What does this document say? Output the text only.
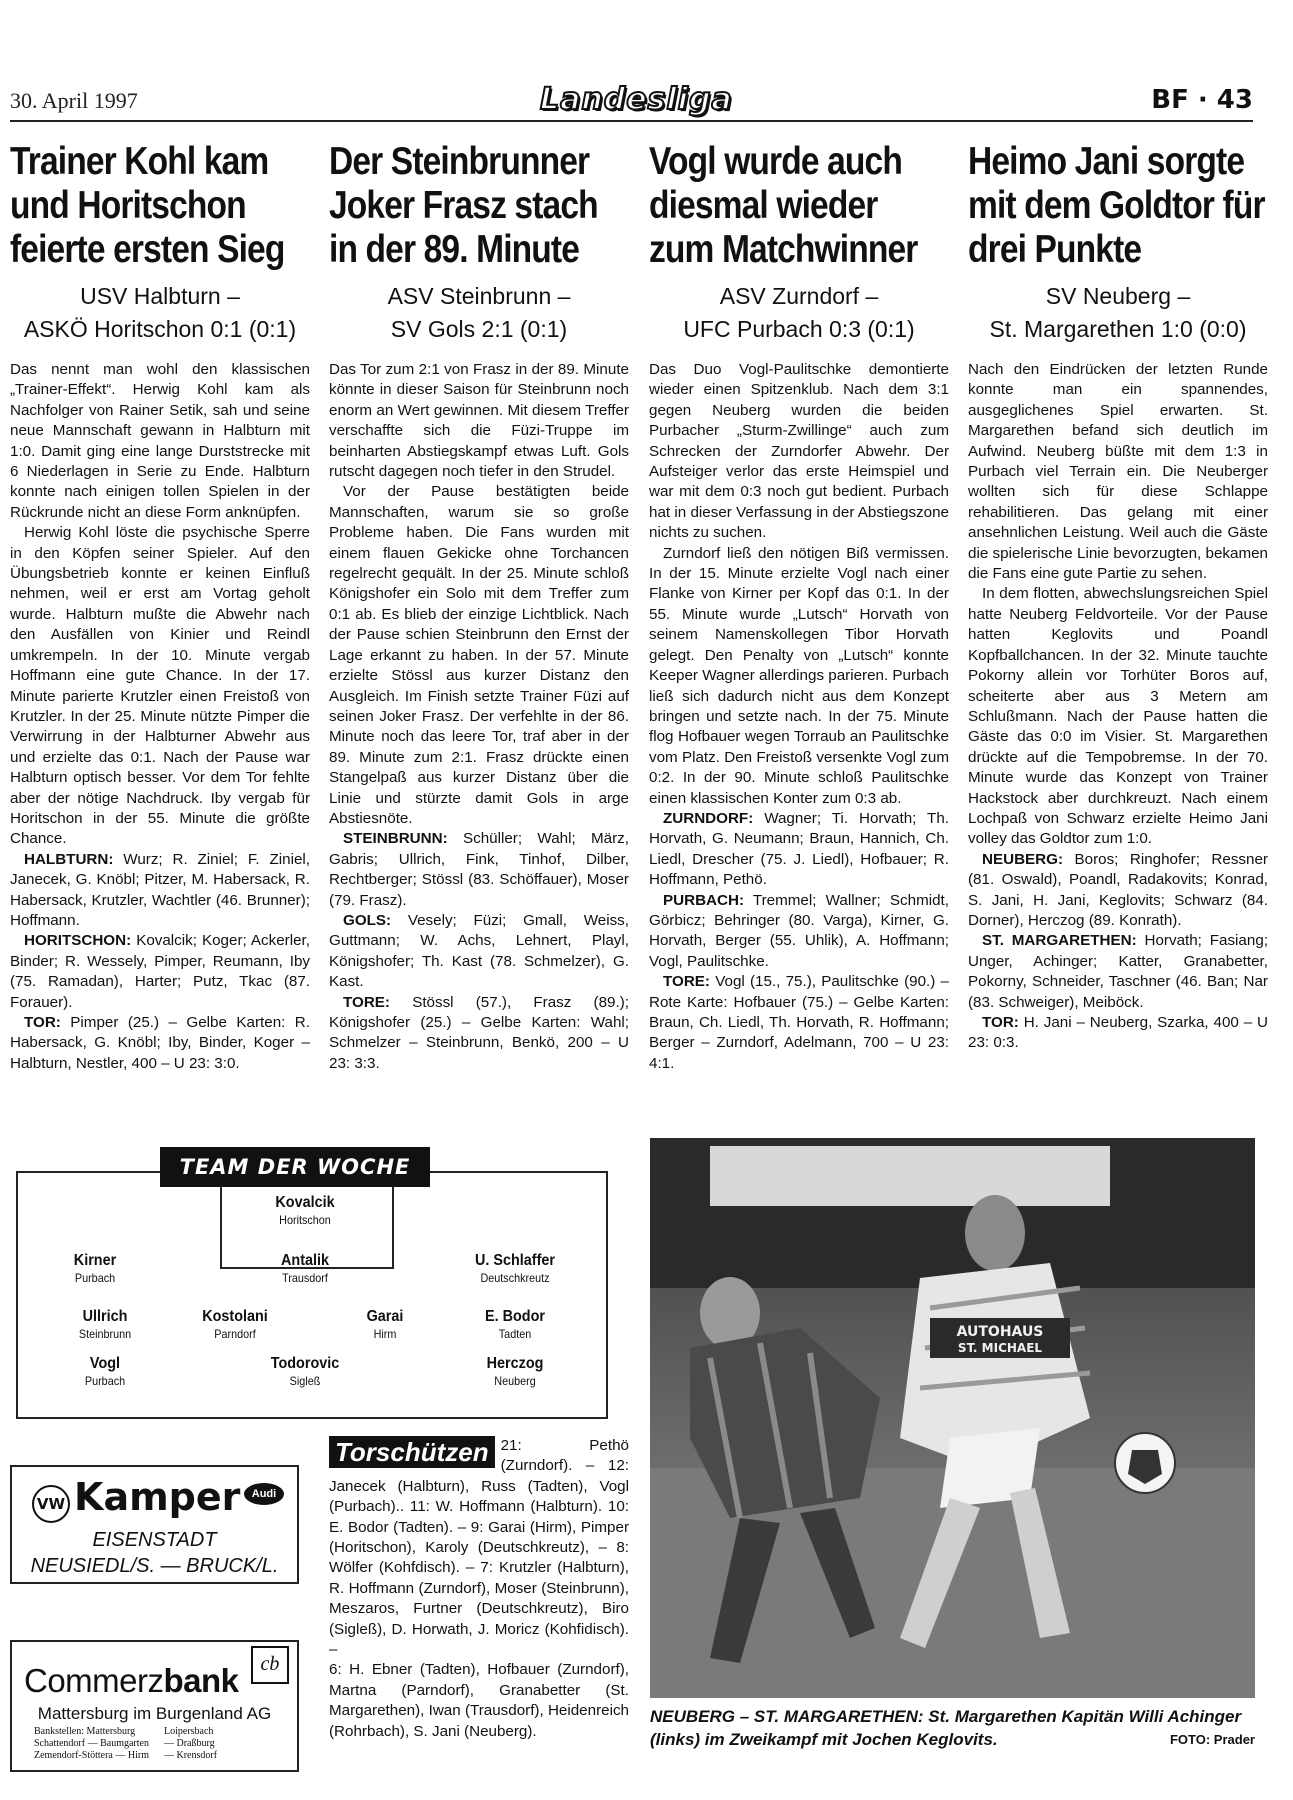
30. April 1997	Landesliga	BF · 43
Trainer Kohl kam und Horitschon feierte ersten Sieg
USV Halbturn –
ASKÖ Horitschon 0:1 (0:1)

Das nennt man wohl den klassischen „Trainer-Effekt“. Herwig Kohl kam als Nachfolger von Rainer Setik, sah und seine neue Mannschaft gewann in Halbturn mit 1:0. Damit ging eine lange Durststrecke mit 6 Niederlagen in Serie zu Ende. Halbturn konnte nach einigen tollen Spielen in der Rückrunde nicht an diese Form anknüpfen.

Herwig Kohl löste die psychische Sperre in den Köpfen seiner Spieler. Auf den Übungsbetrieb konnte er keinen Einfluß nehmen, weil er erst am Vortag geholt wurde. Halbturn mußte die Abwehr nach den Ausfällen von Kinier und Reindl umkrempeln. In der 10. Minute vergab Hoffmann eine gute Chance. In der 17. Minute parierte Krutzler einen Freistoß von Krutzler. In der 25. Minute nützte Pimper die Verwirrung in der Halbturner Abwehr aus und erzielte das 0:1. Nach der Pause war Halbturn optisch besser. Vor dem Tor fehlte aber der nötige Nachdruck. Iby vergab für Horitschon in der 55. Minute die größte Chance.

HALBTURN: Wurz; R. Ziniel; F. Ziniel, Janecek, G. Knöbl; Pitzer, M. Habersack, R. Habersack, Krutzler, Wachtler (46. Brunner); Hoffmann.

HORITSCHON: Kovalcik; Koger; Ackerler, Binder; R. Wessely, Pimper, Reumann, Iby (75. Ramadan), Harter; Putz, Tkac (87. Forauer).

TOR: Pimper (25.) – Gelbe Karten: R. Habersack, G. Knöbl; Iby, Binder, Koger – Halbturn, Nestler, 400 – U 23: 3:0.

Der Steinbrunner Joker Frasz stach in der 89. Minute
ASV Steinbrunn –
SV Gols 2:1 (0:1)

Das Tor zum 2:1 von Frasz in der 89. Minute könnte in dieser Saison für Steinbrunn noch enorm an Wert gewinnen. Mit diesem Treffer verschaffte sich die Füzi-Truppe im beinharten Abstiegskampf etwas Luft. Gols rutscht dagegen noch tiefer in den Strudel.

Vor der Pause bestätigten beide Mannschaften, warum sie so große Probleme haben. Die Fans wurden mit einem flauen Gekicke ohne Torchancen regelrecht gequält. In der 25. Minute schloß Königshofer ein Solo mit dem Treffer zum 0:1 ab. Es blieb der einzige Lichtblick. Nach der Pause schien Steinbrunn den Ernst der Lage erkannt zu haben. In der 57. Minute erzielte Stössl aus kurzer Distanz den Ausgleich. Im Finish setzte Trainer Füzi auf seinen Joker Frasz. Der verfehlte in der 86. Minute noch das leere Tor, traf aber in der 89. Minute zum 2:1. Frasz drückte einen Stangelpaß aus kurzer Distanz über die Linie und stürzte damit Gols in arge Abstiesnöte.

STEINBRUNN: Schüller; Wahl; März, Gabris; Ullrich, Fink, Tinhof, Dilber, Rechtberger; Stössl (83. Schöffauer), Moser (79. Frasz).

GOLS: Vesely; Füzi; Gmall, Weiss, Guttmann; W. Achs, Lehnert, Playl, Königshofer; Th. Kast (78. Schmelzer), G. Kast.

TORE: Stössl (57.), Frasz (89.); Königshofer (25.) – Gelbe Karten: Wahl; Schmelzer – Steinbrunn, Benkö, 200 – U 23: 3:3.

Vogl wurde auch diesmal wieder zum Matchwinner
ASV Zurndorf –
UFC Purbach 0:3 (0:1)

Das Duo Vogl-Paulitschke demontierte wieder einen Spitzenklub. Nach dem 3:1 gegen Neuberg wurden die beiden Purbacher „Sturm-Zwillinge“ auch zum Schrecken der Zurndorfer Abwehr. Der Aufsteiger verlor das erste Heimspiel und war mit dem 0:3 noch gut bedient. Purbach hat in dieser Verfassung in der Abstiegszone nichts zu suchen.

Zurndorf ließ den nötigen Biß vermissen. In der 15. Minute erzielte Vogl nach einer Flanke von Kirner per Kopf das 0:1. In der 55. Minute wurde „Lutsch“ Horvath von seinem Namenskollegen Tibor Horvath gelegt. Den Penalty von „Lutsch“ konnte Keeper Wagner allerdings parieren. Purbach ließ sich dadurch nicht aus dem Konzept bringen und setzte nach. In der 75. Minute flog Hofbauer wegen Torraub an Paulitschke vom Platz. Den Freistoß versenkte Vogl zum 0:2. In der 90. Minute schloß Paulitschke einen klassischen Konter zum 0:3 ab.

ZURNDORF: Wagner; Ti. Horvath; Th. Horvath, G. Neumann; Braun, Hannich, Ch. Liedl, Drescher (75. J. Liedl), Hofbauer; R. Hoffmann, Pethö.

PURBACH: Tremmel; Wallner; Schmidt, Görbicz; Behringer (80. Varga), Kirner, G. Horvath, Berger (55. Uhlik), A. Hoffmann; Vogl, Paulitschke.

TORE: Vogl (15., 75.), Paulitschke (90.) – Rote Karte: Hofbauer (75.) – Gelbe Karten: Braun, Ch. Liedl, Th. Horvath, R. Hoffmann; Berger – Zurndorf, Adelmann, 700 – U 23: 4:1.

Heimo Jani sorgte mit dem Goldtor für drei Punkte
SV Neuberg –
St. Margarethen 1:0 (0:0)

Nach den Eindrücken der letzten Runde konnte man ein spannendes, ausgeglichenes Spiel erwarten. St. Margarethen befand sich deutlich im Aufwind. Neuberg büßte mit dem 1:3 in Purbach viel Terrain ein. Die Neuberger wollten sich für diese Schlappe rehabilitieren. Das gelang mit einer ansehnlichen Leistung. Weil auch die Gäste die spielerische Linie bevorzugten, bekamen die Fans eine gute Partie zu sehen.

In dem flotten, abwechslungsreichen Spiel hatte Neuberg Feldvorteile. Vor der Pause hatten Keglovits und Poandl Kopfballchancen. In der 32. Minute tauchte Pokorny allein vor Torhüter Boros auf, scheiterte aber aus 3 Metern am Schlußmann. Nach der Pause hatten die Gäste das 0:0 im Visier. St. Margarethen drückte auf die Tempobremse. In der 70. Minute wurde das Konzept von Trainer Hackstock aber durchkreuzt. Nach einem Lochpaß von Schwarz erzielte Heimo Jani volley das Goldtor zum 1:0.

NEUBERG: Boros; Ringhofer; Ressner (81. Oswald), Poandl, Radakovits; Konrad, S. Jani, H. Jani, Keglovits; Schwarz (84. Dorner), Herczog (89. Konrath).

ST. MARGARETHEN: Horvath; Fasiang; Unger, Achinger; Katter, Granabetter, Pokorny, Schneider, Taschner (46. Ban; Nar (83. Schweiger), Meiböck.

TOR: H. Jani – Neuberg, Szarka, 400 – U 23: 0:3.

TEAM DER WOCHE
Kovalcik
Horitschon
Kirner
Purbach
Antalik
Trausdorf
U. Schlaffer
Deutschkreutz
Ullrich
Steinbrunn
Kostolani
Parndorf
Garai
Hirm
E. Bodor
Tadten
Vogl
Purbach
Todorovic
Sigleß
Herczog
Neuberg
VW Kamper	Audi
EISENSTADT
NEUSIEDL/S. — BRUCK/L.
Commerzbank	cb
Mattersburg im Burgenland AG
Bankstellen: Mattersburg	Loipersbach
Schattendorf — Baumgarten — Draßburg
Zemendorf-Stöttera — Hirm — Krensdorf
Torschützen 21: Pethö (Zurndorf). – 12: Janecek (Halbturn), Russ (Tadten), Vogl (Purbach).. 11: W. Hoffmann (Halbturn). 10: E. Bodor (Tadten). – 9: Garai (Hirm), Pimper (Horitschon), Karoly (Deutschkreutz), – 8: Wölfer (Kohfdisch). – 7: Krutzler (Halbturn), R. Hoffmann (Zurndorf), Moser (Steinbrunn), Meszaros, Furtner (Deutschkreutz), Biro (Sigleß), D. Horwath, J. Moricz (Kohfidisch). –

6: H. Ebner (Tadten), Hofbauer (Zurndorf), Martna (Parndorf), Granabetter (St. Margarethen), Iwan (Trausdorf), Heidenreich (Rohrbach), S. Jani (Neuberg).

AUTOHAUS
ST. MICHAEL
NEUBERG – ST. MARGARETHEN: St. Margarethen Kapitän Willi Achinger (links) im Zweikampf mit Jochen Keglovits.	FOTO: Prader
